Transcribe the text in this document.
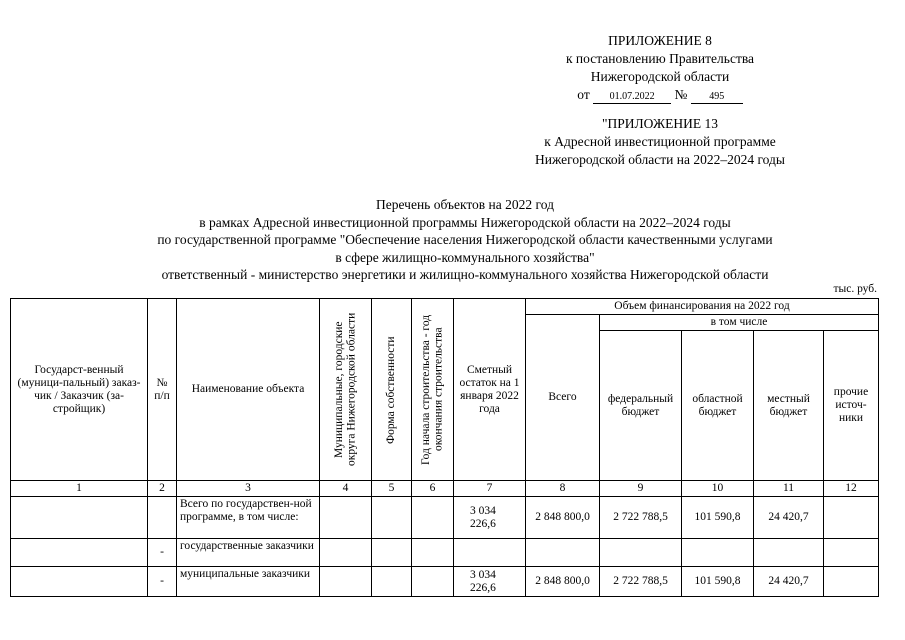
ПРИЛОЖЕНИЕ 8
к постановлению Правительства
Нижегородской области
от 01.07.2022 № 495
"ПРИЛОЖЕНИЕ 13
к Адресной инвестиционной программе
Нижегородской области на 2022–2024 годы
Перечень объектов на 2022 год
в рамках Адресной инвестиционной программы Нижегородской области на 2022–2024 годы
по государственной программе "Обеспечение населения Нижегородской области качественными услугами
в сфере жилищно-коммунального хозяйства"
ответственный - министерство энергетики и жилищно-коммунального хозяйства Нижегородской области
тыс. руб.
Государст-венный (муници-пальный) заказ-чик / Заказчик (за-стройщик)	№ п/п	Наименование объекта	Муниципальные, городские округа Нижегородской области	Форма собственности	Год начала строительства - год окончания строительства	Сметный остаток на 1 января 2022 года	Объем финансирования на 2022 год				
							Всего	в том числе			
								федеральный бюджет	областной бюджет	местный бюджет	прочие источ-ники
1	2	3	4	5	6	7	8	9	10	11	12
		Всего по государствен-ной программе, в том числе:				3 034 226,6	2 848 800,0	2 722 788,5	101 590,8	24 420,7	
	-	государственные заказчики									
	-	муниципальные заказчики				3 034 226,6	2 848 800,0	2 722 788,5	101 590,8	24 420,7	
